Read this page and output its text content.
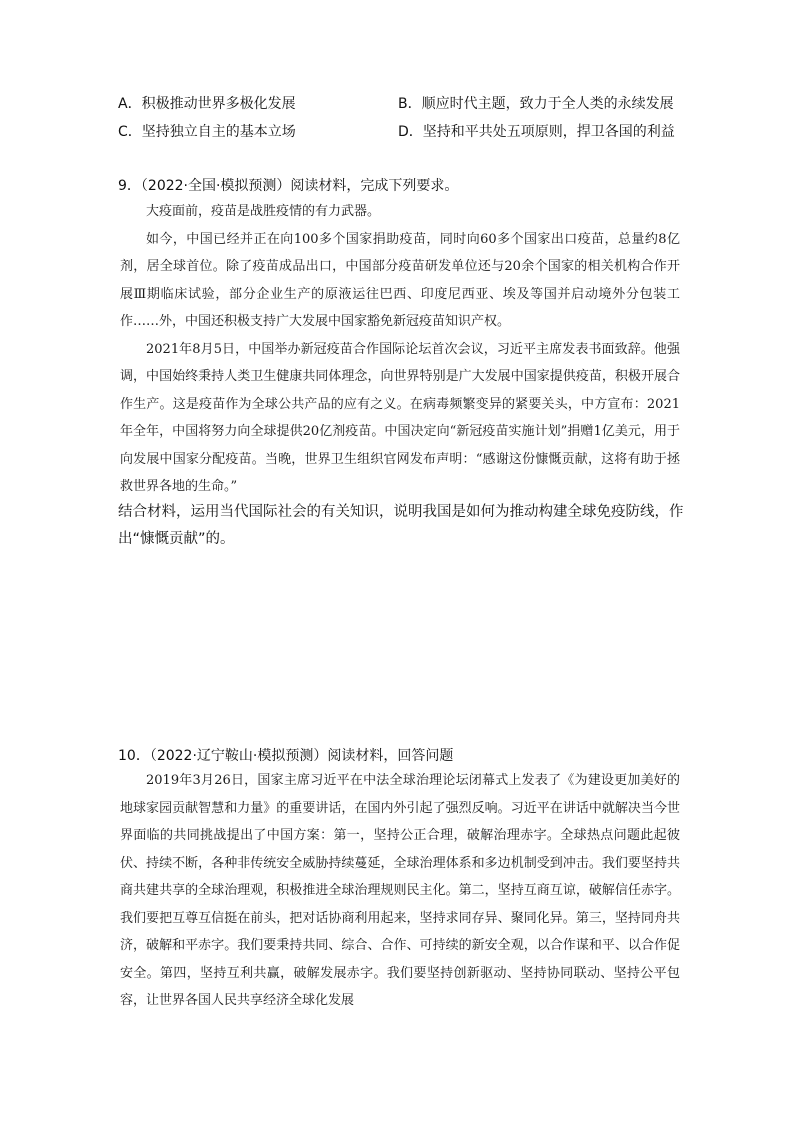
A．积极推动世界多极化发展	B．顺应时代主题，致力于全人类的永续发展
C．坚持独立自主的基本立场	D．坚持和平共处五项原则，捍卫各国的利益
9．（2022·全国·模拟预测）阅读材料，完成下列要求。

大疫面前，疫苗是战胜疫情的有力武器。

如今，中国已经并正在向100多个国家捐助疫苗，同时向60多个国家出口疫苗，总量约8亿剂，居全球首位。除了疫苗成品出口，中国部分疫苗研发单位还与20余个国家的相关机构合作开展Ⅲ期临床试验，部分企业生产的原液运往巴西、印度尼西亚、埃及等国并启动境外分包装工作……外，中国还积极支持广大发展中国家豁免新冠疫苗知识产权。

2021年8月5日，中国举办新冠疫苗合作国际论坛首次会议，习近平主席发表书面致辞。他强调，中国始终秉持人类卫生健康共同体理念，向世界特别是广大发展中国家提供疫苗，积极开展合作生产。这是疫苗作为全球公共产品的应有之义。在病毒频繁变异的紧要关头，中方宣布：2021年全年，中国将努力向全球提供20亿剂疫苗。中国决定向“新冠疫苗实施计划”捐赠1亿美元，用于向发展中国家分配疫苗。当晚，世界卫生组织官网发布声明：“感谢这份慷慨贡献，这将有助于拯救世界各地的生命。”

结合材料，运用当代国际社会的有关知识，说明我国是如何为推动构建全球免疫防线，作出“慷慨贡献”的。

10．（2022·辽宁鞍山·模拟预测）阅读材料，回答问题

2019年3月26日，国家主席习近平在中法全球治理论坛闭幕式上发表了《为建设更加美好的地球家园贡献智慧和力量》的重要讲话，在国内外引起了强烈反响。习近平在讲话中就解决当今世界面临的共同挑战提出了中国方案：第一，坚持公正合理，破解治理赤字。全球热点问题此起彼伏、持续不断，各种非传统安全威胁持续蔓延，全球治理体系和多边机制受到冲击。我们要坚持共商共建共享的全球治理观，积极推进全球治理规则民主化。第二，坚持互商互谅，破解信任赤字。我们要把互尊互信挺在前头，把对话协商利用起来，坚持求同存异、聚同化异。第三，坚持同舟共济，破解和平赤字。我们要秉持共同、综合、合作、可持续的新安全观，以合作谋和平、以合作促安全。第四，坚持互利共赢，破解发展赤字。我们要坚持创新驱动、坚持协同联动、坚持公平包容，让世界各国人民共享经济全球化发展
